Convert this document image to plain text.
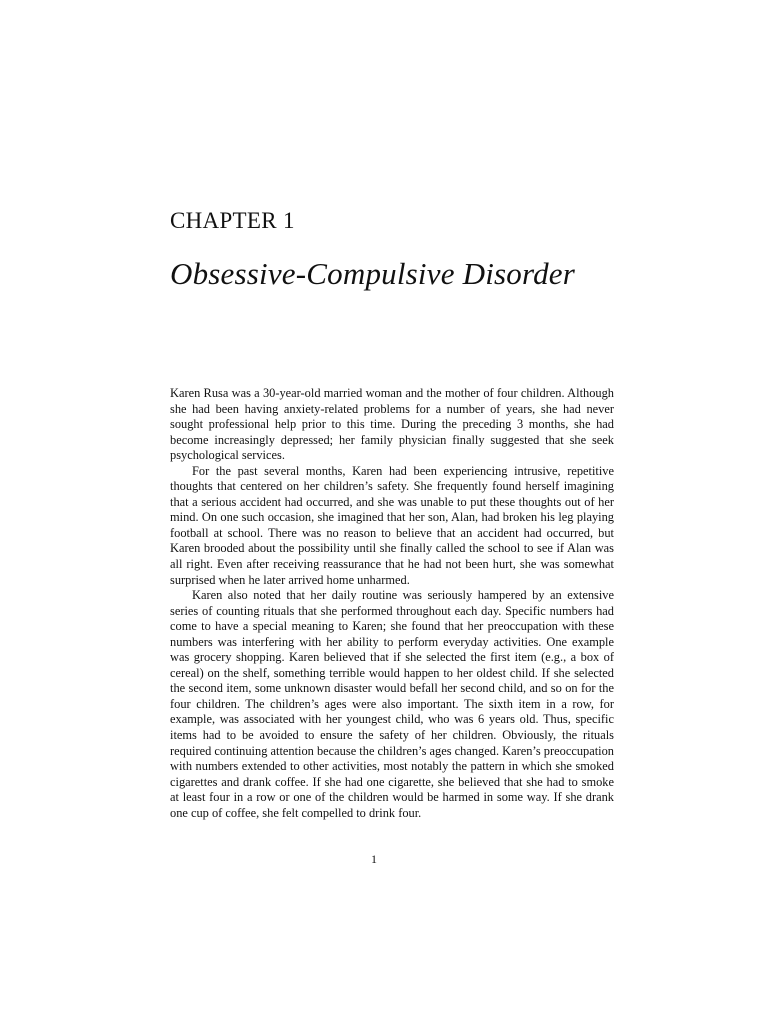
CHAPTER 1
Obsessive-Compulsive Disorder

Karen Rusa was a 30-year-old married woman and the mother of four children. Although she had been having anxiety-related problems for a number of years, she had never sought professional help prior to this time. During the preceding 3 months, she had become increasingly depressed; her family physician finally suggested that she seek psychological services.

For the past several months, Karen had been experiencing intrusive, repetitive thoughts that centered on her children’s safety. She frequently found herself imagining that a serious accident had occurred, and she was unable to put these thoughts out of her mind. On one such occasion, she imagined that her son, Alan, had broken his leg playing football at school. There was no reason to believe that an accident had occurred, but Karen brooded about the possibility until she finally called the school to see if Alan was all right. Even after receiving reassurance that he had not been hurt, she was somewhat surprised when he later arrived home unharmed.

Karen also noted that her daily routine was seriously hampered by an extensive series of counting rituals that she performed throughout each day. Specific numbers had come to have a special meaning to Karen; she found that her preoccupation with these numbers was interfering with her ability to perform everyday activities. One example was grocery shopping. Karen believed that if she selected the first item (e.g., a box of cereal) on the shelf, something terrible would happen to her oldest child. If she selected the second item, some unknown disaster would befall her second child, and so on for the four children. The children’s ages were also important. The sixth item in a row, for example, was associated with her youngest child, who was 6 years old. Thus, specific items had to be avoided to ensure the safety of her children. Obviously, the rituals required continuing attention because the children’s ages changed. Karen’s preoccupation with numbers extended to other activities, most notably the pattern in which she smoked cigarettes and drank coffee. If she had one cigarette, she believed that she had to smoke at least four in a row or one of the children would be harmed in some way. If she drank one cup of coffee, she felt compelled to drink four.

1
